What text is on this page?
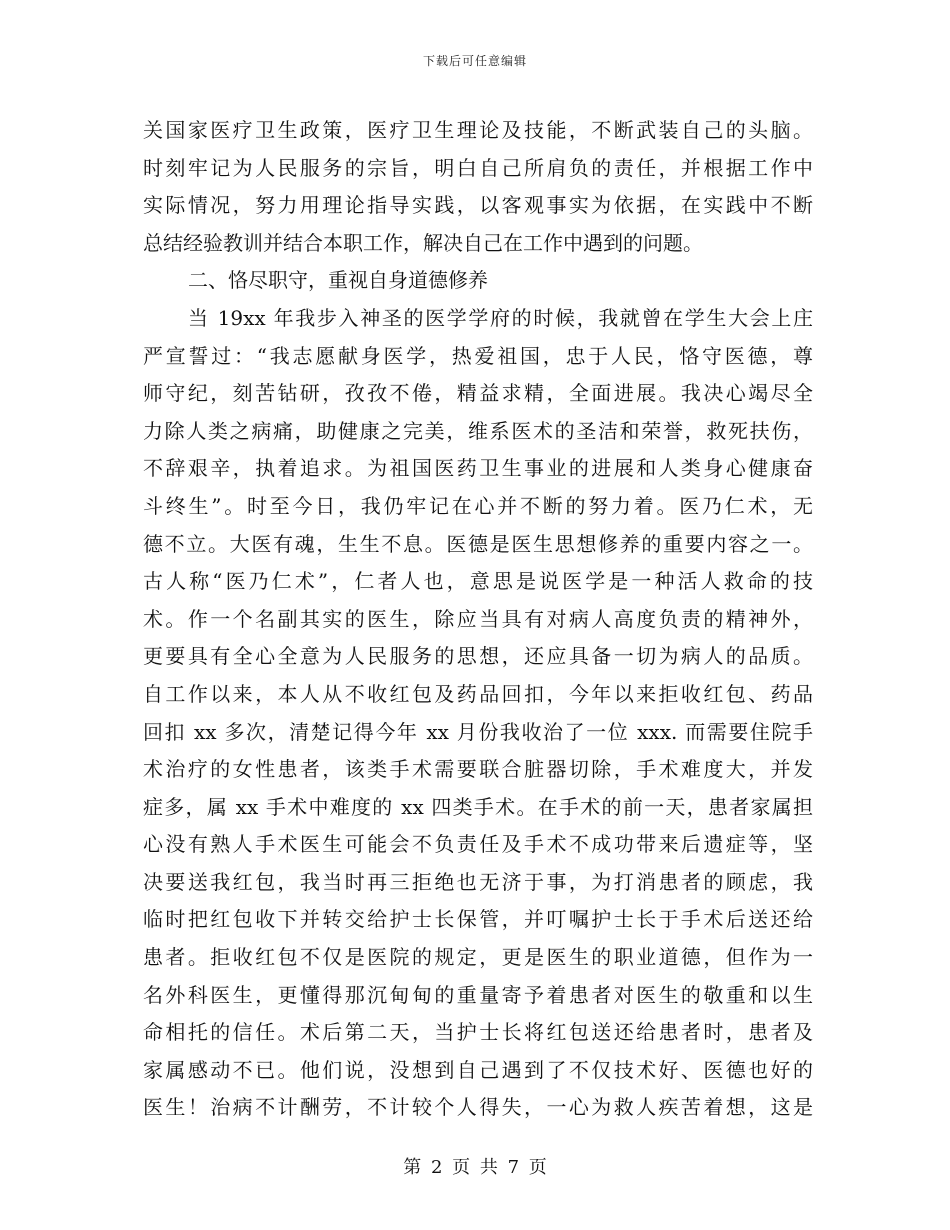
下载后可任意编辑
关国家医疗卫生政策，医疗卫生理论及技能，不断武装自己的头脑。
时刻牢记为人民服务的宗旨，明白自己所肩负的责任，并根据工作中
实际情况，努力用理论指导实践，以客观事实为依据，在实践中不断
总结经验教训并结合本职工作，解决自己在工作中遇到的问题。
二、恪尽职守，重视自身道德修养
当 19xx 年我步入神圣的医学学府的时候，我就曾在学生大会上庄
严宣誓过：“我志愿献身医学，热爱祖国，忠于人民，恪守医德，尊
师守纪，刻苦钻研，孜孜不倦，精益求精，全面进展。我决心竭尽全
力除人类之病痛，助健康之完美，维系医术的圣洁和荣誉，救死扶伤，
不辞艰辛，执着追求。为祖国医药卫生事业的进展和人类身心健康奋
斗终生”。时至今日，我仍牢记在心并不断的努力着。医乃仁术，无
德不立。大医有魂，生生不息。医德是医生思想修养的重要内容之一。
古人称“医乃仁术”，仁者人也，意思是说医学是一种活人救命的技
术。作一个名副其实的医生，除应当具有对病人高度负责的精神外，
更要具有全心全意为人民服务的思想，还应具备一切为病人的品质。
自工作以来，本人从不收红包及药品回扣，今年以来拒收红包、药品
回扣 xx 多次，清楚记得今年 xx 月份我收治了一位 xxx. 而需要住院手
术治疗的女性患者，该类手术需要联合脏器切除，手术难度大，并发
症多，属 xx 手术中难度的 xx 四类手术。在手术的前一天，患者家属担
心没有熟人手术医生可能会不负责任及手术不成功带来后遗症等，坚
决要送我红包，我当时再三拒绝也无济于事，为打消患者的顾虑，我
临时把红包收下并转交给护士长保管，并叮嘱护士长于手术后送还给
患者。拒收红包不仅是医院的规定，更是医生的职业道德，但作为一
名外科医生，更懂得那沉甸甸的重量寄予着患者对医生的敬重和以生
命相托的信任。术后第二天，当护士长将红包送还给患者时，患者及
家属感动不已。他们说，没想到自己遇到了不仅技术好、医德也好的
医生！治病不计酬劳，不计较个人得失，一心为救人疾苦着想，这是
第 2 页 共 7 页
